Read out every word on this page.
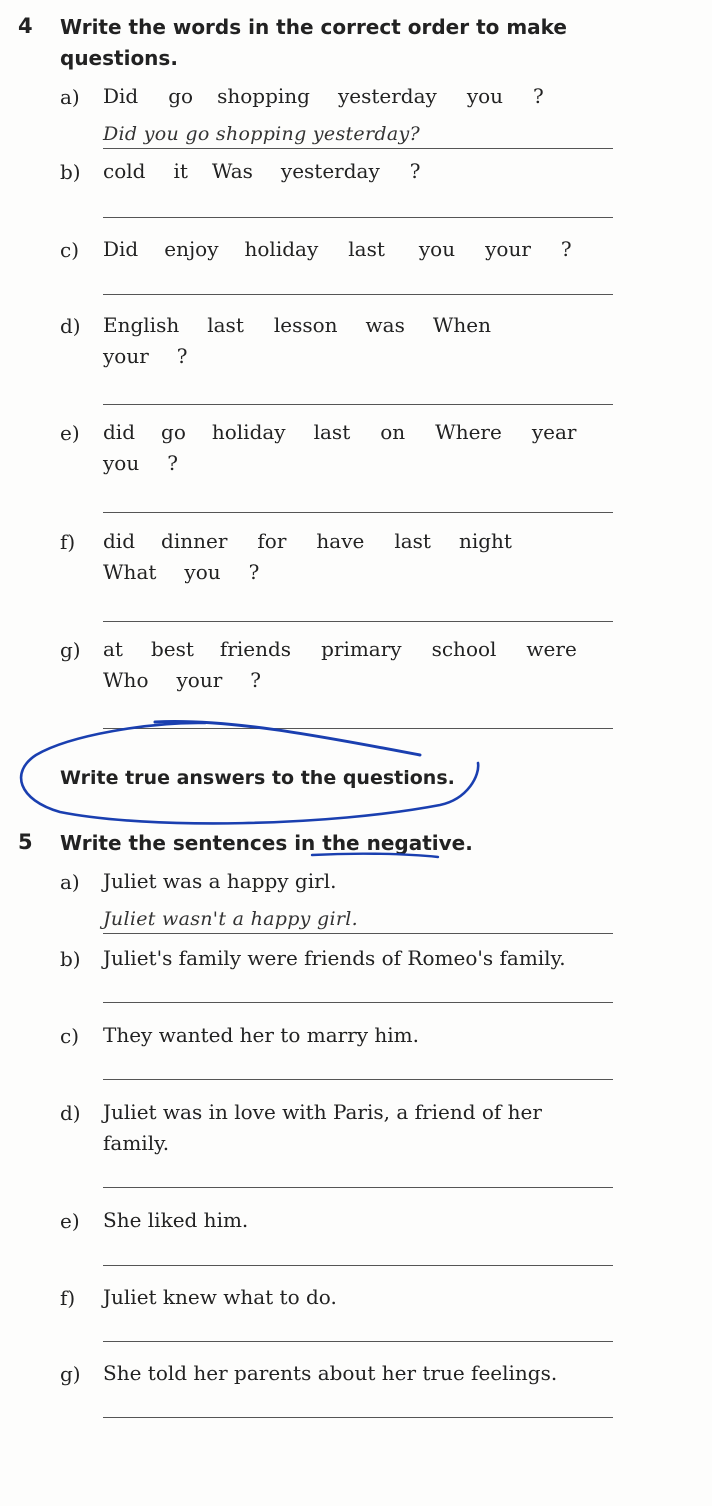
4 Write the words in the correct order to make questions.
a) Did go shopping yesterday you ?
Did you go shopping yesterday?
b) cold it Was yesterday ?
c) Did enjoy holiday last you your ?
d) English last lesson was When
your ?
e) did go holiday last on Where year
you ?
f) did dinner for have last night
What you ?
g) at best friends primary school were
Who your ?
Write true answers to the questions.
5 Write the sentences in the negative.
a) Juliet was a happy girl.
Juliet wasn't a happy girl.
b) Juliet's family were friends of Romeo's family.
c) They wanted her to marry him.
d) Juliet was in love with Paris, a friend of her family.
e) She liked him.
f) Juliet knew what to do.
g) She told her parents about her true feelings.
